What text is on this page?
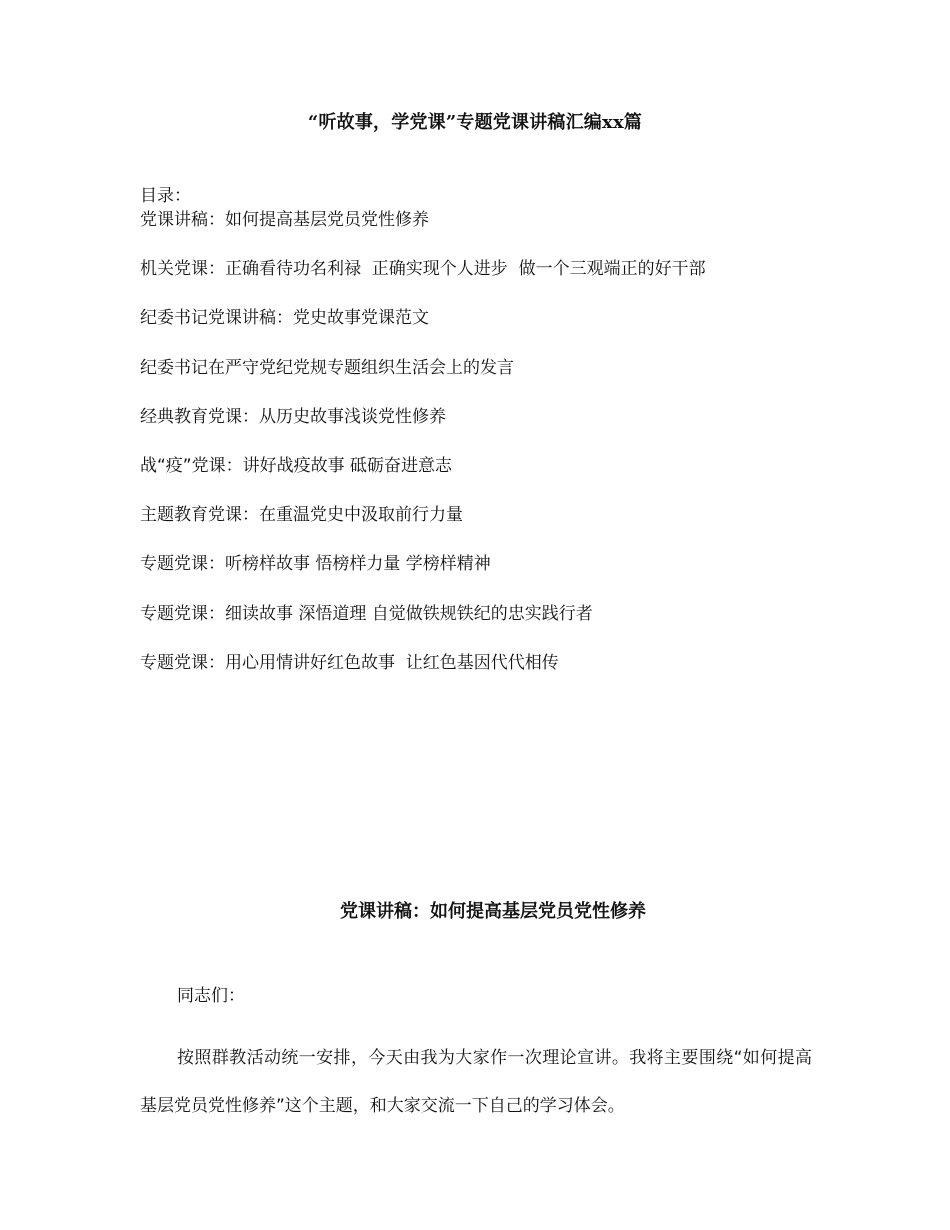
“听故事，学党课”专题党课讲稿汇编xx篇
目录：
党课讲稿：如何提高基层党员党性修养
机关党课：正确看待功名利禄  正确实现个人进步  做一个三观端正的好干部
纪委书记党课讲稿：党史故事党课范文
纪委书记在严守党纪党规专题组织生活会上的发言
经典教育党课：从历史故事浅谈党性修养
战“疫”党课：讲好战疫故事 砥砺奋进意志
主题教育党课：在重温党史中汲取前行力量
专题党课：听榜样故事 悟榜样力量 学榜样精神
专题党课：细读故事 深悟道理 自觉做铁规铁纪的忠实践行者
专题党课：用心用情讲好红色故事  让红色基因代代相传
党课讲稿：如何提高基层党员党性修养
同志们：

按照群教活动统一安排，今天由我为大家作一次理论宣讲。我将主要围绕“如何提高基层党员党性修养”这个主题，和大家交流一下自己的学习体会。
